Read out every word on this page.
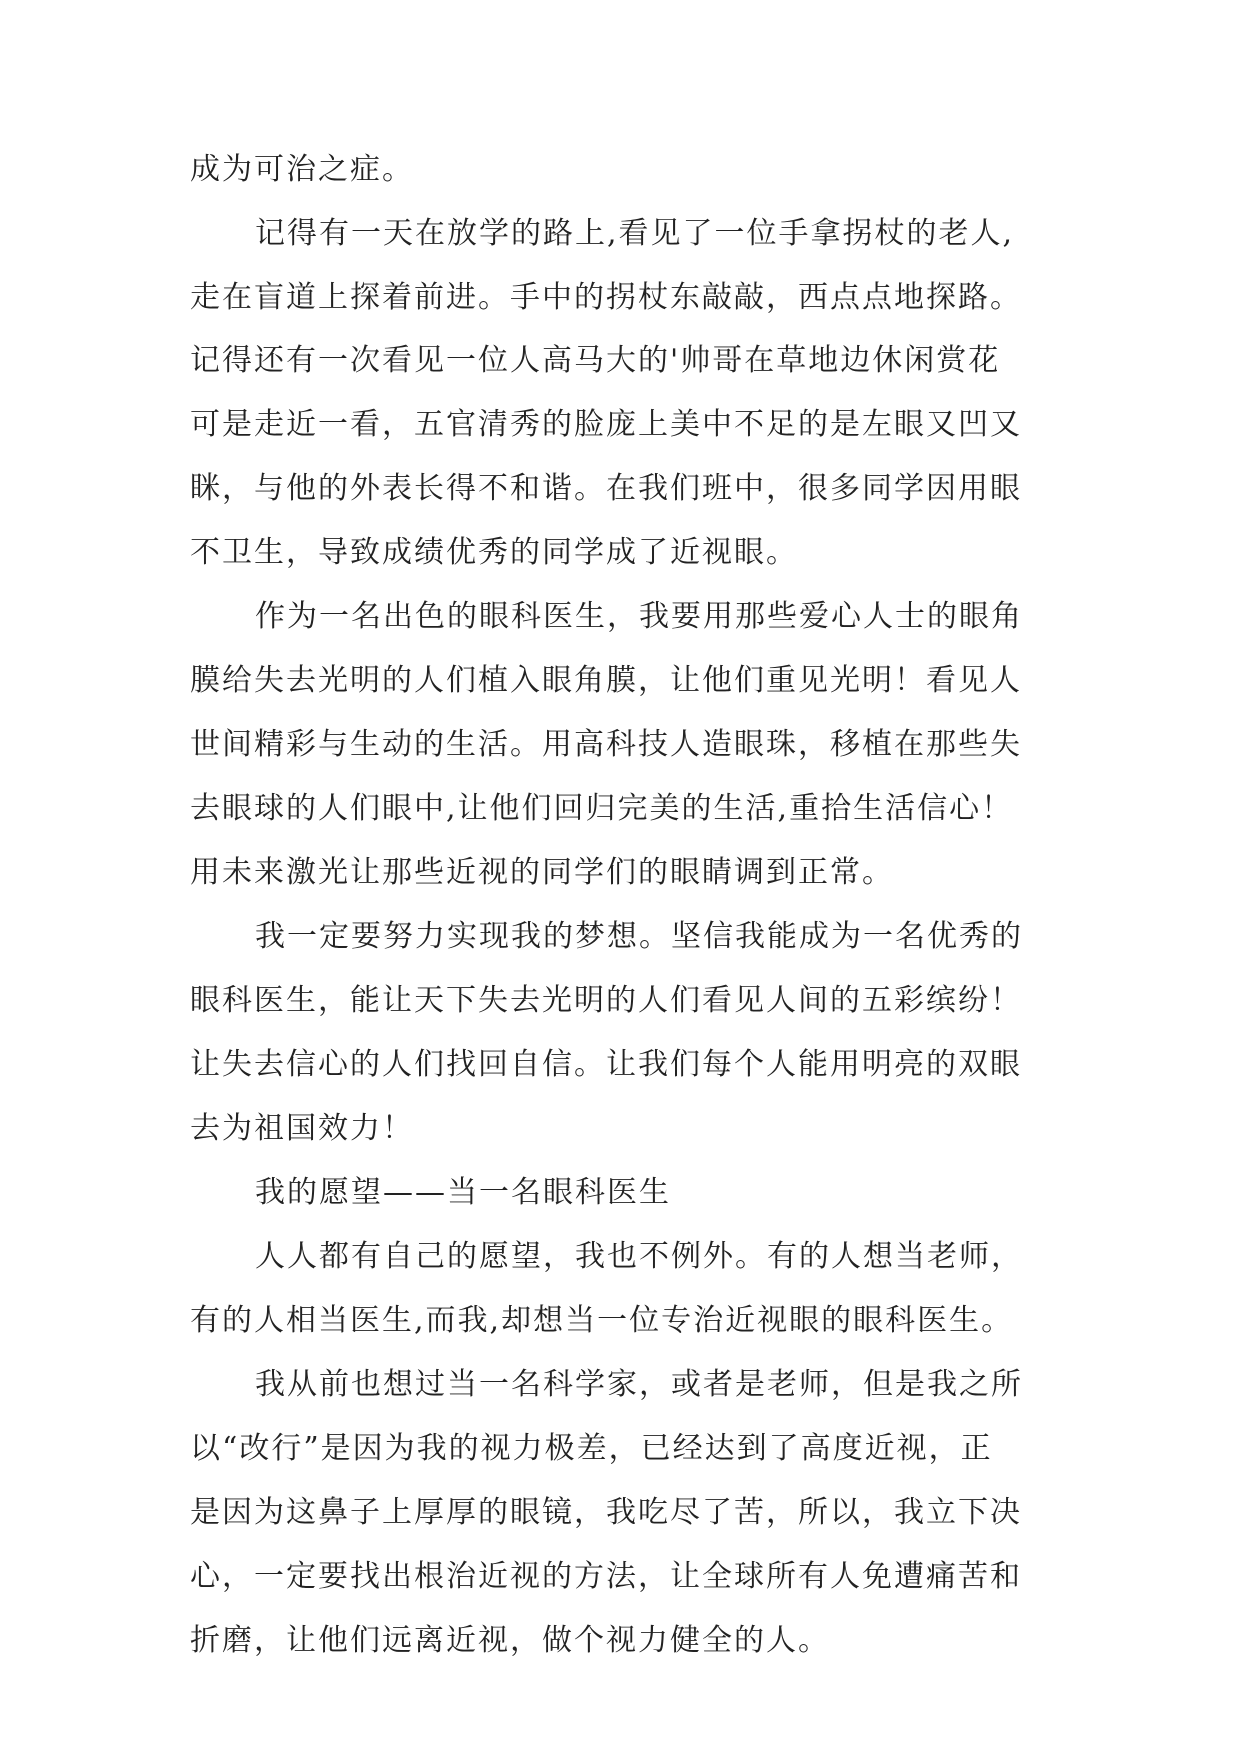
成为可治之症。
记得有一天在放学的路上,看见了一位手拿拐杖的老人,
走在盲道上探着前进。手中的拐杖东敲敲，西点点地探路。
记得还有一次看见一位人高马大的'帅哥在草地边休闲赏花
可是走近一看，五官清秀的脸庞上美中不足的是左眼又凹又
眯，与他的外表长得不和谐。在我们班中，很多同学因用眼
不卫生，导致成绩优秀的同学成了近视眼。
作为一名出色的眼科医生，我要用那些爱心人士的眼角
膜给失去光明的人们植入眼角膜，让他们重见光明！看见人
世间精彩与生动的生活。用高科技人造眼珠，移植在那些失
去眼球的人们眼中,让他们回归完美的生活,重拾生活信心！
用未来激光让那些近视的同学们的眼睛调到正常。
我一定要努力实现我的梦想。坚信我能成为一名优秀的
眼科医生，能让天下失去光明的人们看见人间的五彩缤纷！
让失去信心的人们找回自信。让我们每个人能用明亮的双眼
去为祖国效力！
我的愿望——当一名眼科医生
人人都有自己的愿望，我也不例外。有的人想当老师，
有的人相当医生,而我,却想当一位专治近视眼的眼科医生。
我从前也想过当一名科学家，或者是老师，但是我之所
以“改行”是因为我的视力极差，已经达到了高度近视，正
是因为这鼻子上厚厚的眼镜，我吃尽了苦，所以，我立下决
心，一定要找出根治近视的方法，让全球所有人免遭痛苦和
折磨，让他们远离近视，做个视力健全的人。
